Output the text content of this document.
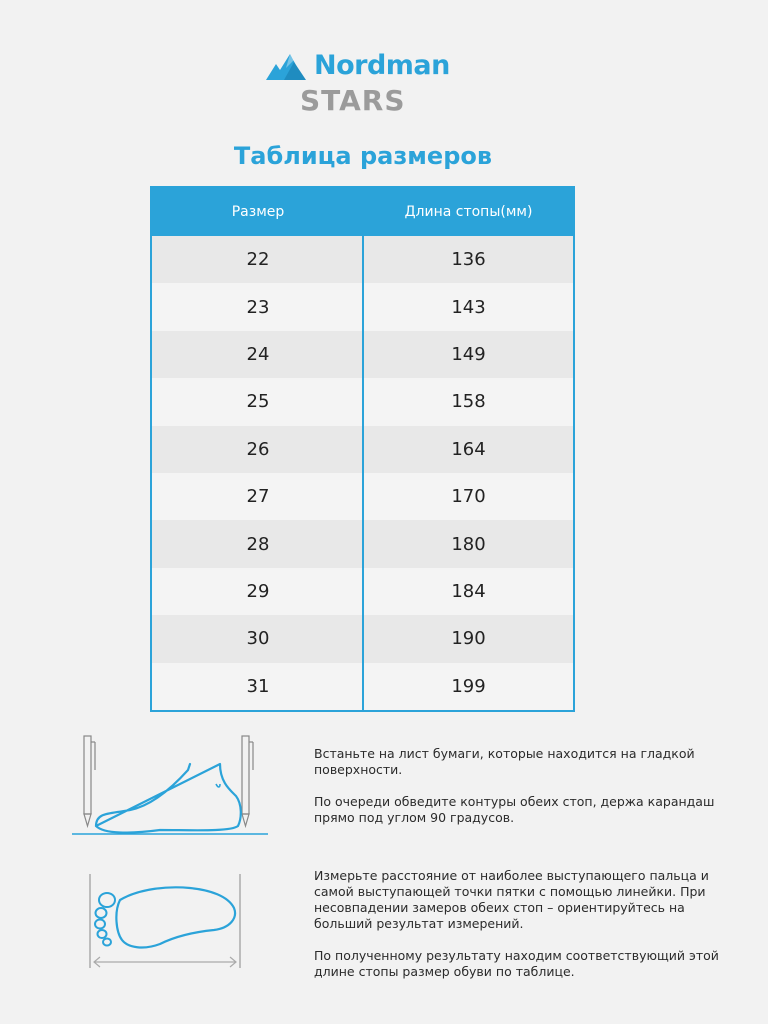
Nordman
STARS
Таблица размеров
Размер	Длина стопы(мм)
22	136
23	143
24	149
25	158
26	164
27	170
28	180
29	184
30	190
31	199

Встаньте на лист бумаги, которые находится на гладкой поверхности.

По очереди обведите контуры обеих стоп, держа карандаш прямо под углом 90 градусов.

Измерьте расстояние от наиболее выступающего пальца и самой выступающей точки пятки с помощью линейки. При несовпадении замеров обеих стоп – ориентируйтесь на больший результат измерений.

По полученному результату находим соответствующий этой длине стопы размер обуви по таблице.
